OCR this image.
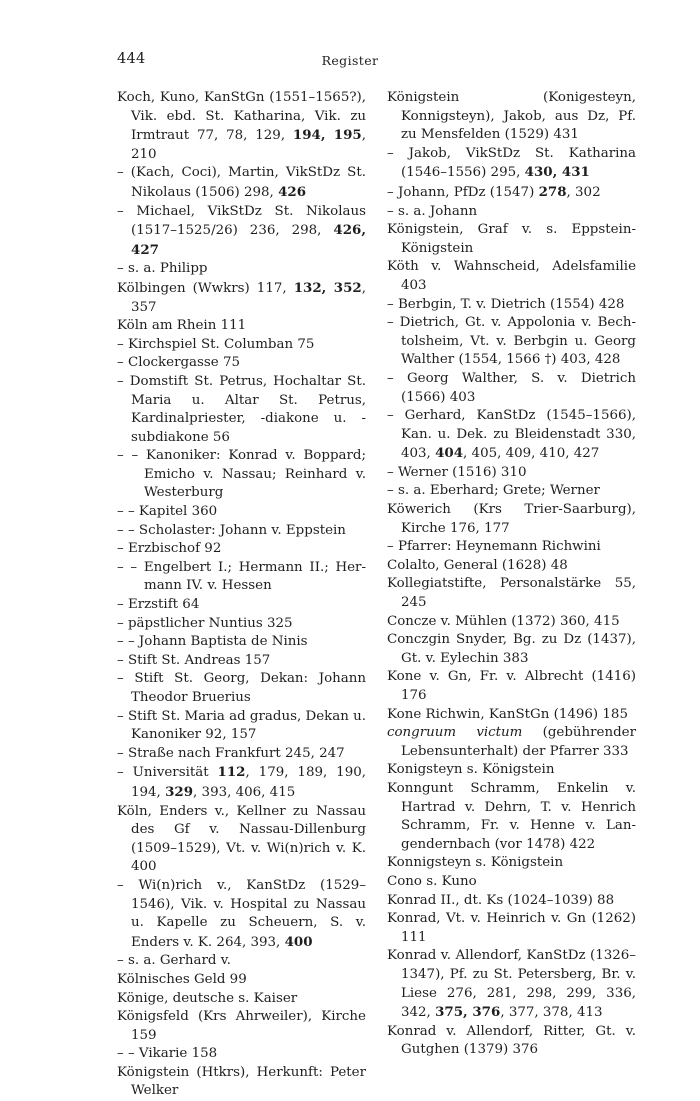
444	Register
Koch, Kuno, KanStGn (1551–1565?), Vik. ebd. St. Katharina, Vik. zu Irmtraut 77, 78, 129, 194, 195, 210
– (Kach, Coci), Martin, VikStDz St. Nikolaus (1506) 298, 426
– Michael, VikStDz St. Nikolaus (1517–1525/26) 236, 298, 426, 427
– s. a. Philipp
Kölbingen (Wwkrs) 117, 132, 352, 357
Köln am Rhein 111
– Kirchspiel St. Columban 75
– Clockergasse 75
– Domstift St. Petrus, Hochaltar St. Maria u. Altar St. Petrus, Kardinalpriester, -diakone u. -subdiakone 56
– – Kanoniker: Konrad v. Boppard; Emicho v. Nassau; Reinhard v. Westerburg
– – Kapitel 360
– – Scholaster: Johann v. Eppstein
– Erzbischof 92
– – Engelbert I.; Hermann II.; Hermann IV. v. Hessen
– Erzstift 64
– päpstlicher Nuntius 325
– – Johann Baptista de Ninis
– Stift St. Andreas 157
– Stift St. Georg, Dekan: Johann Theodor Bruerius
– Stift St. Maria ad gradus, Dekan u. Kanoniker 92, 157
– Straße nach Frankfurt 245, 247
– Universität 112, 179, 189, 190, 194, 329, 393, 406, 415
Köln, Enders v., Kellner zu Nassau des Gf v. Nassau-Dillenburg (1509–1529), Vt. v. Wi(n)rich v. K. 400
– Wi(n)rich v., KanStDz (1529–1546), Vik. v. Hospital zu Nassau u. Kapelle zu Scheuern, S. v. Enders v. K. 264, 393, 400
– s. a. Gerhard v.
Kölnisches Geld 99
Könige, deutsche s. Kaiser
Königsfeld (Krs Ahrweiler), Kirche 159
– – Vikarie 158
Königstein (Htkrs), Herkunft: Peter Welker
Königstein (Konigesteyn, Konnigsteyn), Jakob, aus Dz, Pf. zu Mensfelden (1529) 431
– Jakob, VikStDz St. Katharina (1546–1556) 295, 430, 431
– Johann, PfDz (1547) 278, 302
– s. a. Johann
Königstein, Graf v. s. Eppstein-Königstein
Köth v. Wahnscheid, Adelsfamilie 403
– Berbgin, T. v. Dietrich (1554) 428
– Dietrich, Gt. v. Appolonia v. Bechtolsheim, Vt. v. Berbgin u. Georg Walther (1554, 1566 †) 403, 428
– Georg Walther, S. v. Dietrich (1566) 403
– Gerhard, KanStDz (1545–1566), Kan. u. Dek. zu Bleidenstadt 330, 403, 404, 405, 409, 410, 427
– Werner (1516) 310
– s. a. Eberhard; Grete; Werner
Köwerich (Krs Trier-Saarburg), Kirche 176, 177
– Pfarrer: Heynemann Richwini
Colalto, General (1628) 48
Kollegiatstifte, Personalstärke 55, 245
Concze v. Mühlen (1372) 360, 415
Conczgin Snyder, Bg. zu Dz (1437), Gt. v. Eylechin 383
Kone v. Gn, Fr. v. Albrecht (1416) 176
Kone Richwin, KanStGn (1496) 185
congruum victum (gebührender Lebensunterhalt) der Pfarrer 333
Konigsteyn s. Königstein
Konngunt Schramm, Enkelin v. Hartrad v. Dehrn, T. v. Henrich Schramm, Fr. v. Henne v. Langendernbach (vor 1478) 422
Konnigsteyn s. Königstein
Cono s. Kuno
Konrad II., dt. Ks (1024–1039) 88
Konrad, Vt. v. Heinrich v. Gn (1262) 111
Konrad v. Allendorf, KanStDz (1326–1347), Pf. zu St. Petersberg, Br. v. Liese 276, 281, 298, 299, 336, 342, 375, 376, 377, 378, 413
Konrad v. Allendorf, Ritter, Gt. v. Gutghen (1379) 376
